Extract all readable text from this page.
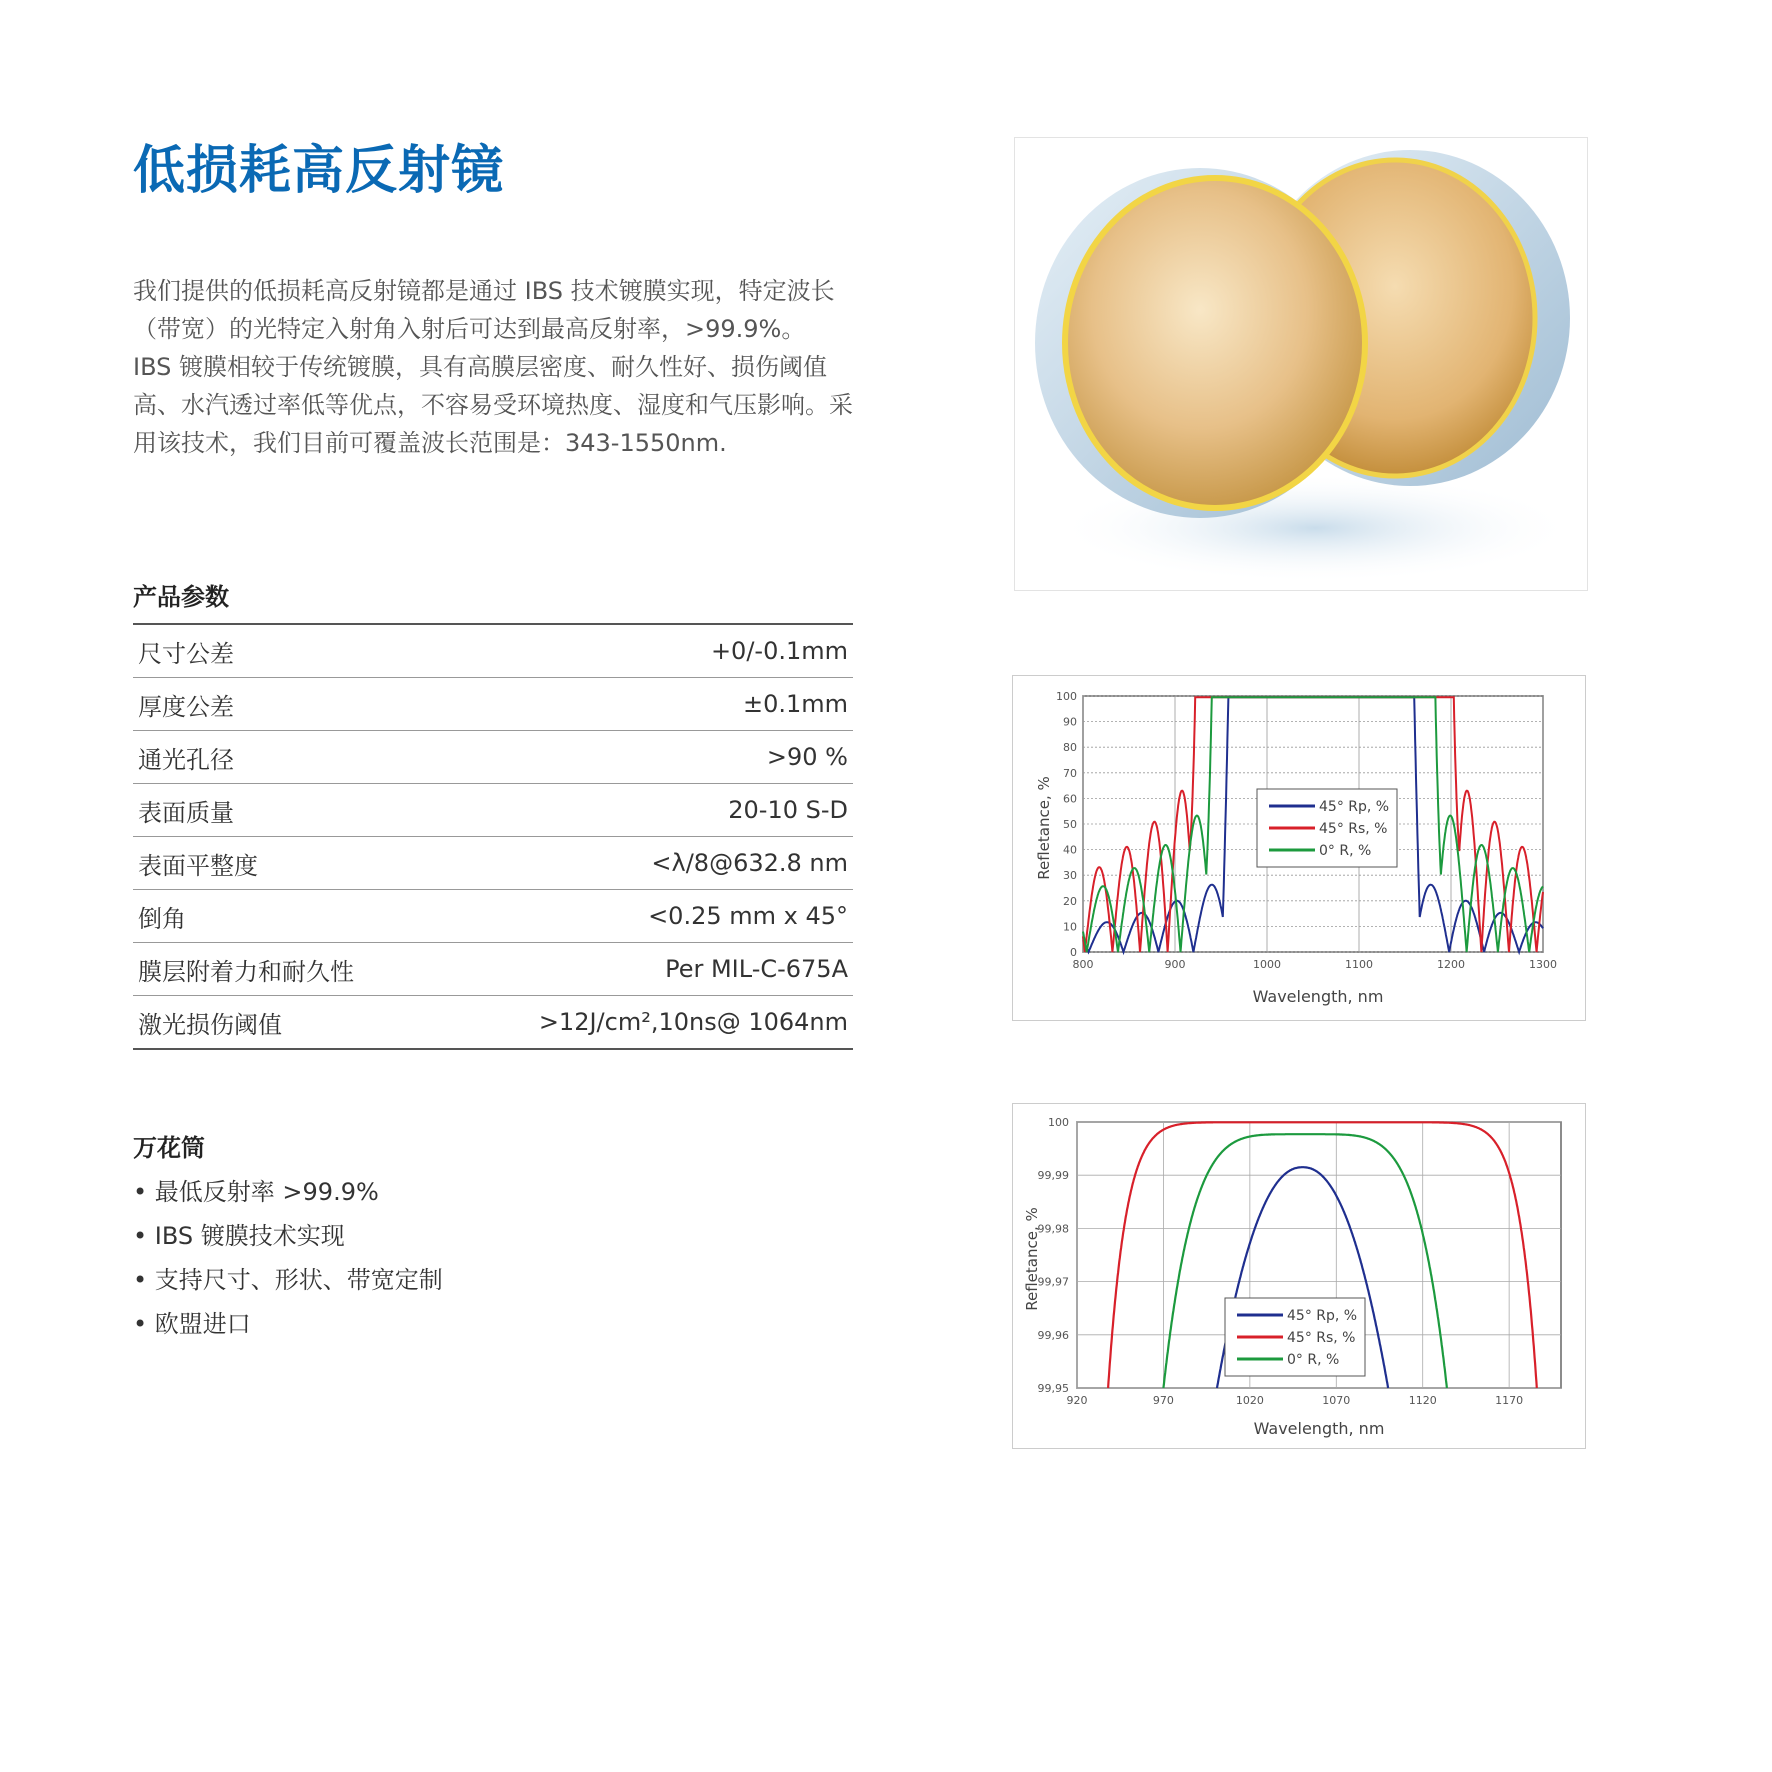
低损耗高反射镜

我们提供的低损耗高反射镜都是通过 IBS 技术镀膜实现，特定波长（带宽）的光特定入射角入射后可达到最高反射率，>99.9%。

IBS 镀膜相较于传统镀膜，具有高膜层密度、耐久性好、损伤阈值高、水汽透过率低等优点，不容易受环境热度、湿度和气压影响。采用该技术，我们目前可覆盖波长范围是：343-1550nm.

产品参数
尺寸公差	+0/-0.1mm
厚度公差	±0.1mm
通光孔径	>90 %
表面质量	20-10 S-D
表面平整度	<λ/8@632.8 nm
倒角	<0.25 mm x 45°
膜层附着力和耐久性	Per MIL-C-675A
激光损伤阈值	>12J/cm²,10ns@ 1064nm
万花筒
• 最低反射率 >99.9%
• IBS 镀膜技术实现
• 支持尺寸、形状、带宽定制
• 欧盟进口
0
10
20
30
40
50
60
70
80
90
100
800	900	1000	1100	1200	1300
Wavelength, nm
Refletance, %	45° Rp, %
45° Rs, %
0° R, %
99,95
99,96
99,97
99,98
99,99
100
920	970	1020	1070	1120	1170
Wavelength, nm
Refletance, %
45° Rp, %
45° Rs, %
0° R, %
